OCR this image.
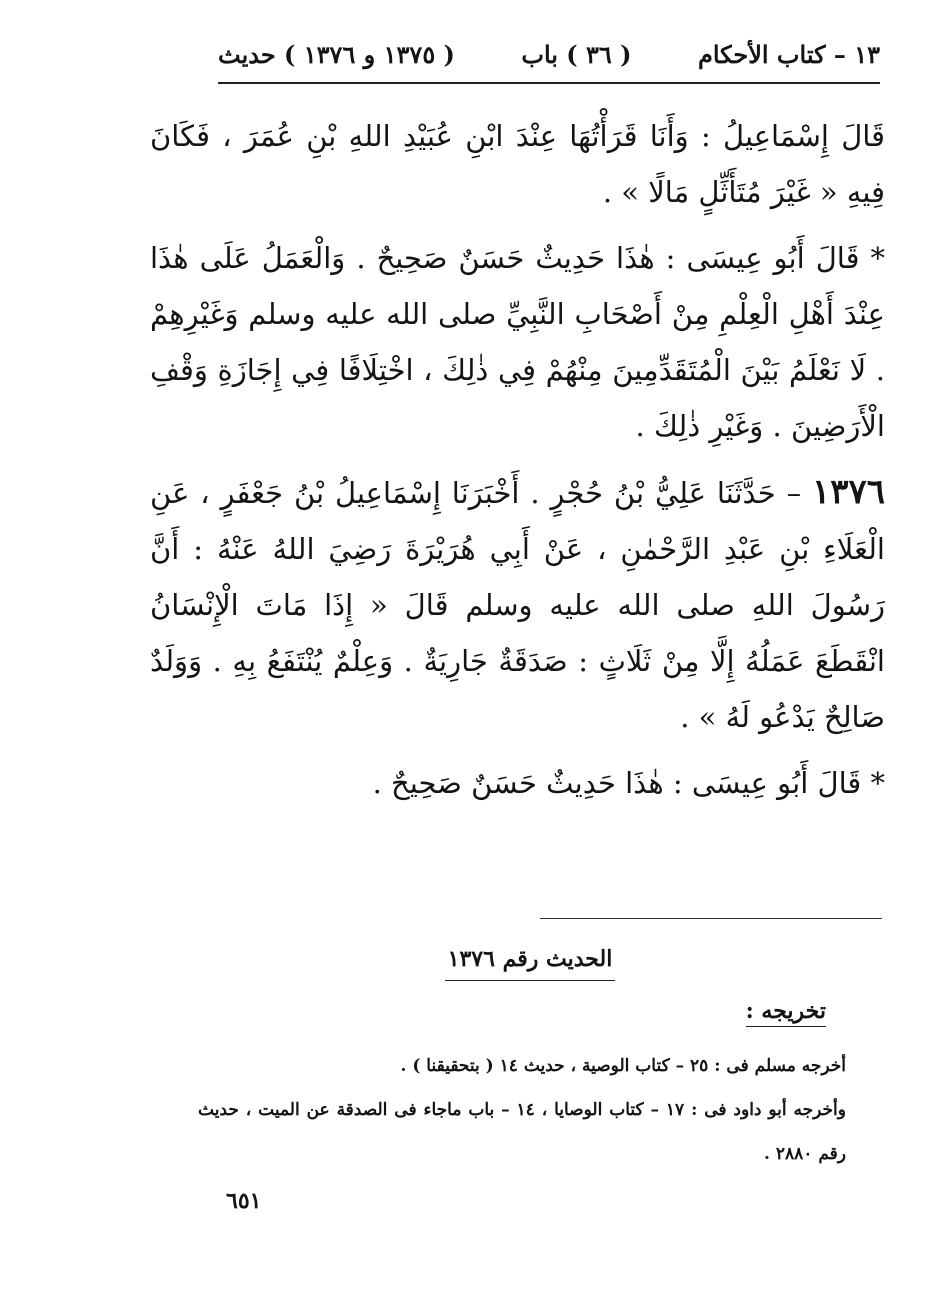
١٣ – كتاب الأحكام
( ٣٦ ) باب
( ١٣٧٥ و ١٣٧٦ ) حديث

قَالَ إِسْمَاعِيلُ : وَأَنَا قَرَأْتُهَا عِنْدَ ابْنِ عُبَيْدِ اللهِ بْنِ عُمَرَ ، فَكَانَ فِيهِ « غَيْرَ مُتَأَثِّلٍ مَالًا » .

* قَالَ أَبُو عِيسَى : هٰذَا حَدِيثٌ حَسَنٌ صَحِيحٌ . وَالْعَمَلُ عَلَى هٰذَا عِنْدَ أَهْلِ الْعِلْمِ مِنْ أَصْحَابِ النَّبِيِّ صلى الله عليه وسلم وَغَيْرِهِمْ . لَا نَعْلَمُ بَيْنَ الْمُتَقَدِّمِينَ مِنْهُمْ فِي ذٰلِكَ ، اخْتِلَافًا فِي إِجَازَةِ وَقْفِ الْأَرَضِينَ . وَغَيْرِ ذٰلِكَ .

١٣٧٦ – حَدَّثَنَا عَلِيُّ بْنُ حُجْرٍ . أَخْبَرَنَا إِسْمَاعِيلُ بْنُ جَعْفَرٍ ، عَنِ الْعَلَاءِ بْنِ عَبْدِ الرَّحْمٰنِ ، عَنْ أَبِي هُرَيْرَةَ رَضِيَ اللهُ عَنْهُ : أَنَّ رَسُولَ اللهِ صلى الله عليه وسلم قَالَ « إِذَا مَاتَ الْإِنْسَانُ انْقَطَعَ عَمَلُهُ إِلَّا مِنْ ثَلَاثٍ : صَدَقَةٌ جَارِيَةٌ . وَعِلْمٌ يُنْتَفَعُ بِهِ . وَوَلَدٌ صَالِحٌ يَدْعُو لَهُ » .

* قَالَ أَبُو عِيسَى : هٰذَا حَدِيثٌ حَسَنٌ صَحِيحٌ .

الحديث رقم ١٣٧٦
تخريجه :

أخرجه مسلم فى : ٢٥ – كتاب الوصية ، حديث ١٤ ( بتحقيقنا ) .

وأخرجه أبو داود فى : ١٧ – كتاب الوصايا ، ١٤ – باب ماجاء فى الصدقة عن الميت ، حديث رقم ٢٨٨٠ .

٦٥١
